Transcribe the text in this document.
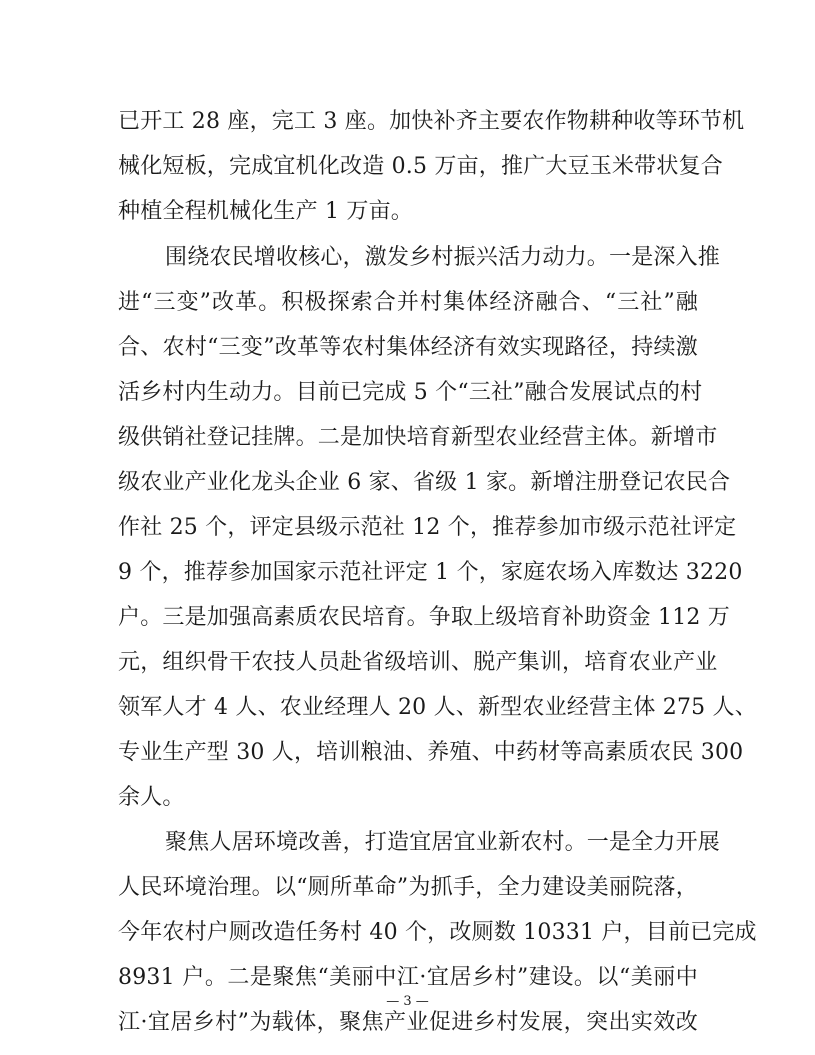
已开工 28 座，完工 3 座。加快补齐主要农作物耕种收等环节机
械化短板，完成宜机化改造 0.5 万亩，推广大豆玉米带状复合
种植全程机械化生产 1 万亩。
围绕农民增收核心，激发乡村振兴活力动力。一是深入推
进“三变”改革。积极探索合并村集体经济融合、“三社”融
合、农村“三变”改革等农村集体经济有效实现路径，持续激
活乡村内生动力。目前已完成 5 个“三社”融合发展试点的村
级供销社登记挂牌。二是加快培育新型农业经营主体。新增市
级农业产业化龙头企业 6 家、省级 1 家。新增注册登记农民合
作社 25 个，评定县级示范社 12 个，推荐参加市级示范社评定
9 个，推荐参加国家示范社评定 1 个，家庭农场入库数达 3220
户。三是加强高素质农民培育。争取上级培育补助资金 112 万
元，组织骨干农技人员赴省级培训、脱产集训，培育农业产业
领军人才 4 人、农业经理人 20 人、新型农业经营主体 275 人、
专业生产型 30 人，培训粮油、养殖、中药材等高素质农民 300
余人。
聚焦人居环境改善，打造宜居宜业新农村。一是全力开展
人民环境治理。以“厕所革命”为抓手，全力建设美丽院落，
今年农村户厕改造任务村 40 个，改厕数 10331 户，目前已完成
8931 户。二是聚焦“美丽中江·宜居乡村”建设。以“美丽中
江·宜居乡村”为载体，聚焦产业促进乡村发展，突出实效改
— 3 —
